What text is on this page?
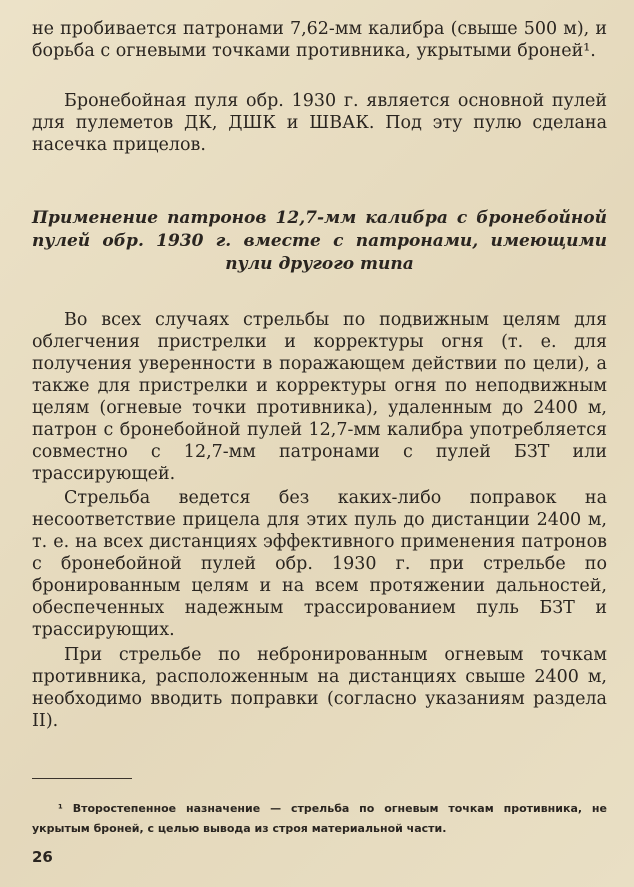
не пробивается патронами 7,62-мм калибра (свыше 500 м), и борьба с огневыми точками противника, укрытыми броней¹.

Бронебойная пуля обр. 1930 г. является основной пулей для пулеметов ДК, ДШК и ШВАК. Под эту пулю сделана насечка прицелов.

Применение патронов 12,7-мм калибра с бронебойной пулей обр. 1930 г. вместе с патронами, имеющими пули другого типа

Во всех случаях стрельбы по подвижным целям для облегчения пристрелки и корректуры огня (т. е. для получения уверенности в поражающем действии по цели), а также для пристрелки и корректуры огня по неподвижным целям (огневые точки противника), удаленным до 2400 м, патрон с бронебойной пулей 12,7-мм калибра употребляется совместно с 12,7-мм патронами с пулей БЗТ или трассирующей.

Стрельба ведется без каких-либо поправок на несоответствие прицела для этих пуль до дистанции 2400 м, т. е. на всех дистанциях эффективного применения патронов с бронебойной пулей обр. 1930 г. при стрельбе по бронированным целям и на всем протяжении дальностей, обеспеченных надежным трассированием пуль БЗТ и трассирующих.

При стрельбе по небронированным огневым точкам противника, расположенным на дистанциях свыше 2400 м, необходимо вводить поправки (согласно указаниям раздела II).

¹ Второстепенное назначение — стрельба по огневым точкам противника, не укрытым броней, с целью вывода из строя материальной части.

26
